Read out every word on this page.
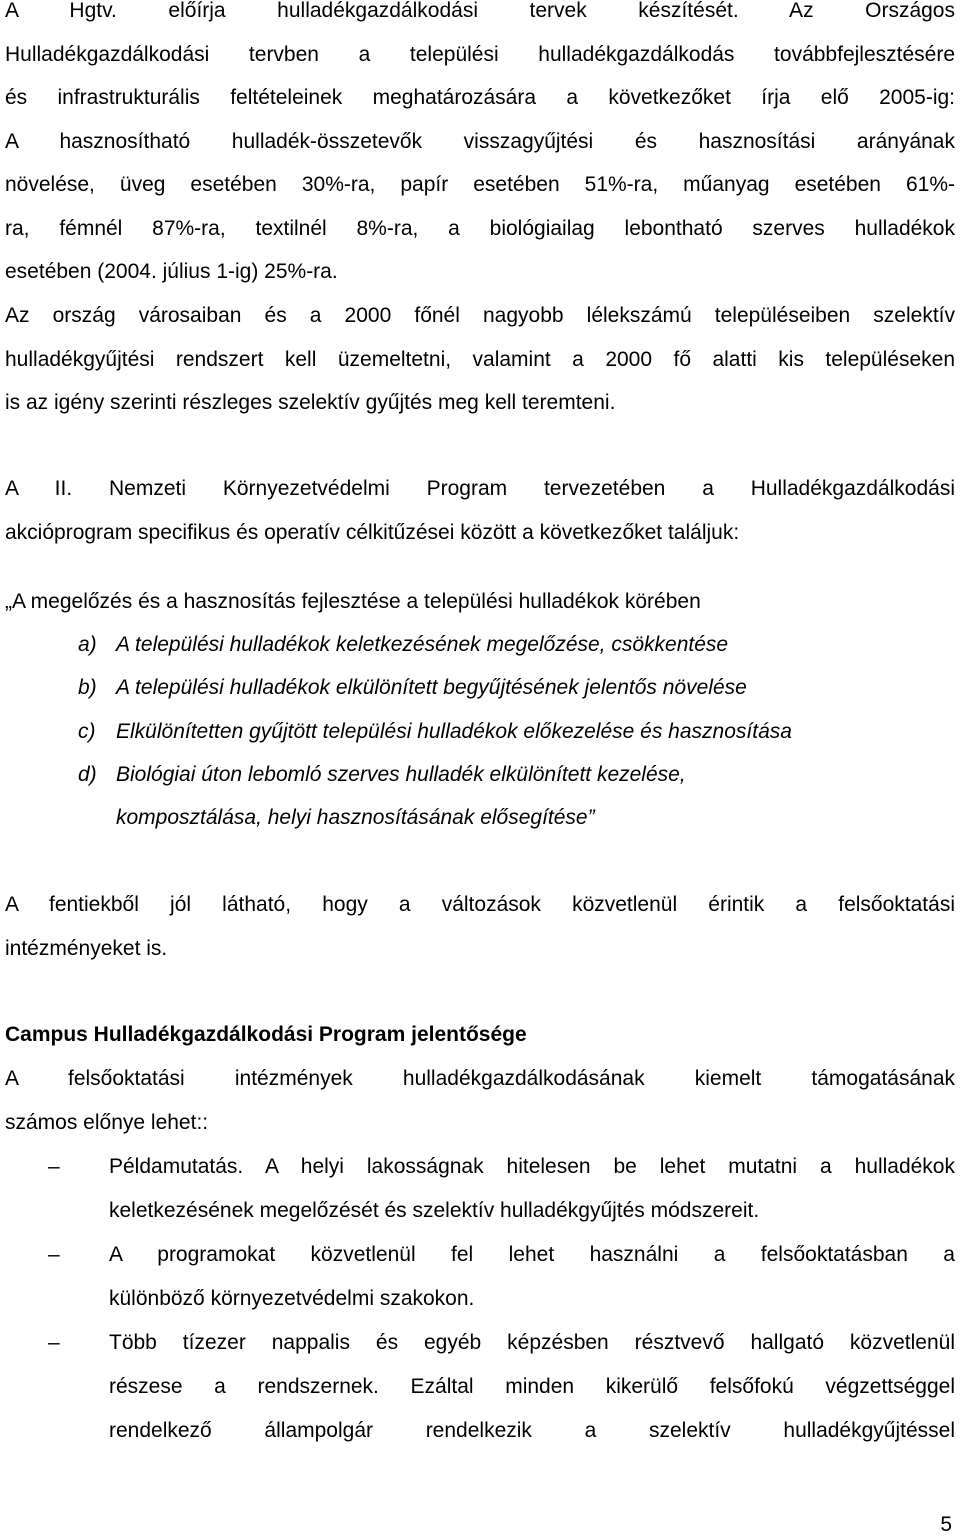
A Hgtv. előírja hulladékgazdálkodási tervek készítését. Az Országos
Hulladékgazdálkodási tervben a települési hulladékgazdálkodás továbbfejlesztésére
és infrastrukturális feltételeinek meghatározására a következőket írja elő 2005-ig:
A hasznosítható hulladék-összetevők visszagyűjtési és hasznosítási arányának
növelése, üveg esetében 30%-ra, papír esetében 51%-ra, műanyag esetében 61%-
ra, fémnél 87%-ra, textilnél 8%-ra, a biológiailag lebontható szerves hulladékok
esetében (2004. július 1-ig) 25%-ra.
Az ország városaiban és a 2000 főnél nagyobb lélekszámú településeiben szelektív
hulladékgyűjtési rendszert kell üzemeltetni, valamint a 2000 fő alatti kis településeken
is az igény szerinti részleges szelektív gyűjtés meg kell teremteni.
A II. Nemzeti Környezetvédelmi Program tervezetében a Hulladékgazdálkodási
akcióprogram specifikus és operatív célkitűzései között a következőket találjuk:
„A megelőzés és a hasznosítás fejlesztése a települési hulladékok körében
a) A települési hulladékok keletkezésének megelőzése, csökkentése
b) A települési hulladékok elkülönített begyűjtésének jelentős növelése
c) Elkülönítetten gyűjtött települési hulladékok előkezelése és hasznosítása
d) Biológiai úton lebomló szerves hulladék elkülönített kezelése,
komposztálása, helyi hasznosításának elősegítése”
A fentiekből jól látható, hogy a változások közvetlenül érintik a felsőoktatási
intézményeket is.
Campus Hulladékgazdálkodási Program jelentősége
A felsőoktatási intézmények hulladékgazdálkodásának kiemelt támogatásának
számos előnye lehet::
– Példamutatás. A helyi lakosságnak hitelesen be lehet mutatni a hulladékok
keletkezésének megelőzését és szelektív hulladékgyűjtés módszereit.
– A programokat közvetlenül fel lehet használni a felsőoktatásban a
különböző környezetvédelmi szakokon.
– Több tízezer nappalis és egyéb képzésben résztvevő hallgató közvetlenül
részese a rendszernek. Ezáltal minden kikerülő felsőfokú végzettséggel
rendelkező állampolgár rendelkezik a szelektív hulladékgyűjtéssel
5
